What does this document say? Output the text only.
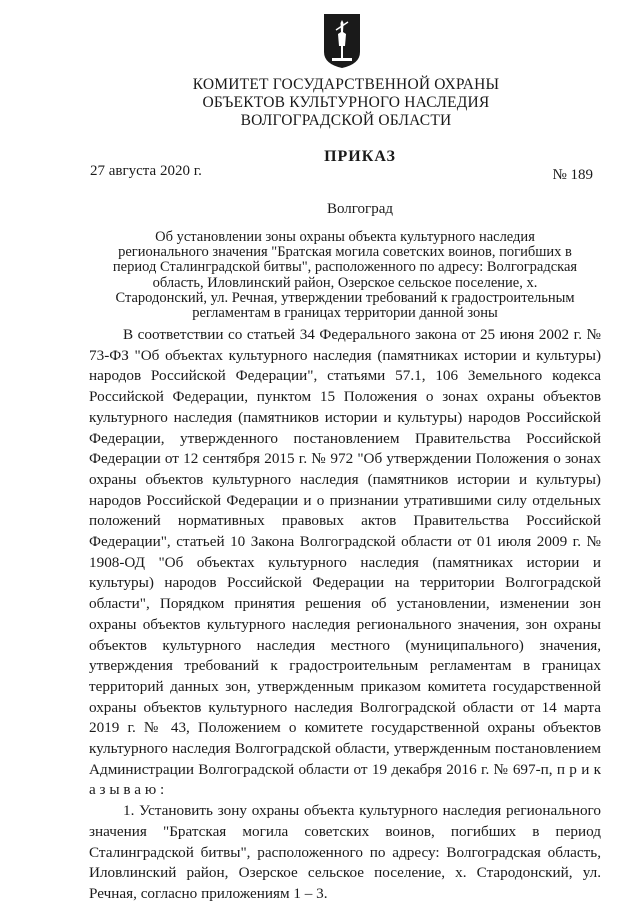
КОМИТЕТ ГОСУДАРСТВЕННОЙ ОХРАНЫ
ОБЪЕКТОВ КУЛЬТУРНОГО НАСЛЕДИЯ
ВОЛГОГРАДСКОЙ ОБЛАСТИ
ПРИКАЗ
27 августа 2020 г.	№ 189
Волгоград
Об установлении зоны охраны объекта культурного наследия регионального значения "Братская могила советских воинов, погибших в период Сталинградской битвы", расположенного по адресу: Волгоградская область, Иловлинский район, Озерское сельское поселение, х. Стародонский, ул. Речная, утверждении требований к градостроительным регламентам в границах территории данной зоны

В соответствии со статьей 34 Федерального закона от 25 июня 2002 г. № 73-ФЗ "Об объектах культурного наследия (памятниках истории и культуры) народов Российской Федерации", статьями 57.1, 106 Земельного кодекса Российской Федерации, пунктом 15 Положения о зонах охраны объектов культурного наследия (памятников истории и культуры) народов Российской Федерации, утвержденного постановлением Правительства Российской Федерации от 12 сентября 2015 г. № 972 "Об утверждении Положения о зонах охраны объектов культурного наследия (памятников истории и культуры) народов Российской Федерации и о признании утратившими силу отдельных положений нормативных правовых актов Правительства Российской Федерации", статьей 10 Закона Волгоградской области от 01 июля 2009 г. № 1908-ОД "Об объектах культурного наследия (памятниках истории и культуры) народов Российской Федерации на территории Волгоградской области", Порядком принятия решения об установлении, изменении зон охраны объектов культурного наследия регионального значения, зон охраны объектов культурного наследия местного (муниципального) значения, утверждения требований к градостроительным регламентам в границах территорий данных зон, утвержденным приказом комитета государственной охраны объектов культурного наследия Волгоградской области от 14 марта 2019 г. № 43, Положением о комитете государственной охраны объектов культурного наследия Волгоградской области, утвержденным постановлением Администрации Волгоградской области от 19 декабря 2016 г. № 697-п, п р и к а з ы в а ю :

1. Установить зону охраны объекта культурного наследия регионального значения "Братская могила советских воинов, погибших в период Сталинградской битвы", расположенного по адресу: Волгоградская область, Иловлинский район, Озерское сельское поселение, х. Стародонский, ул. Речная, согласно приложениям 1 – 3.
